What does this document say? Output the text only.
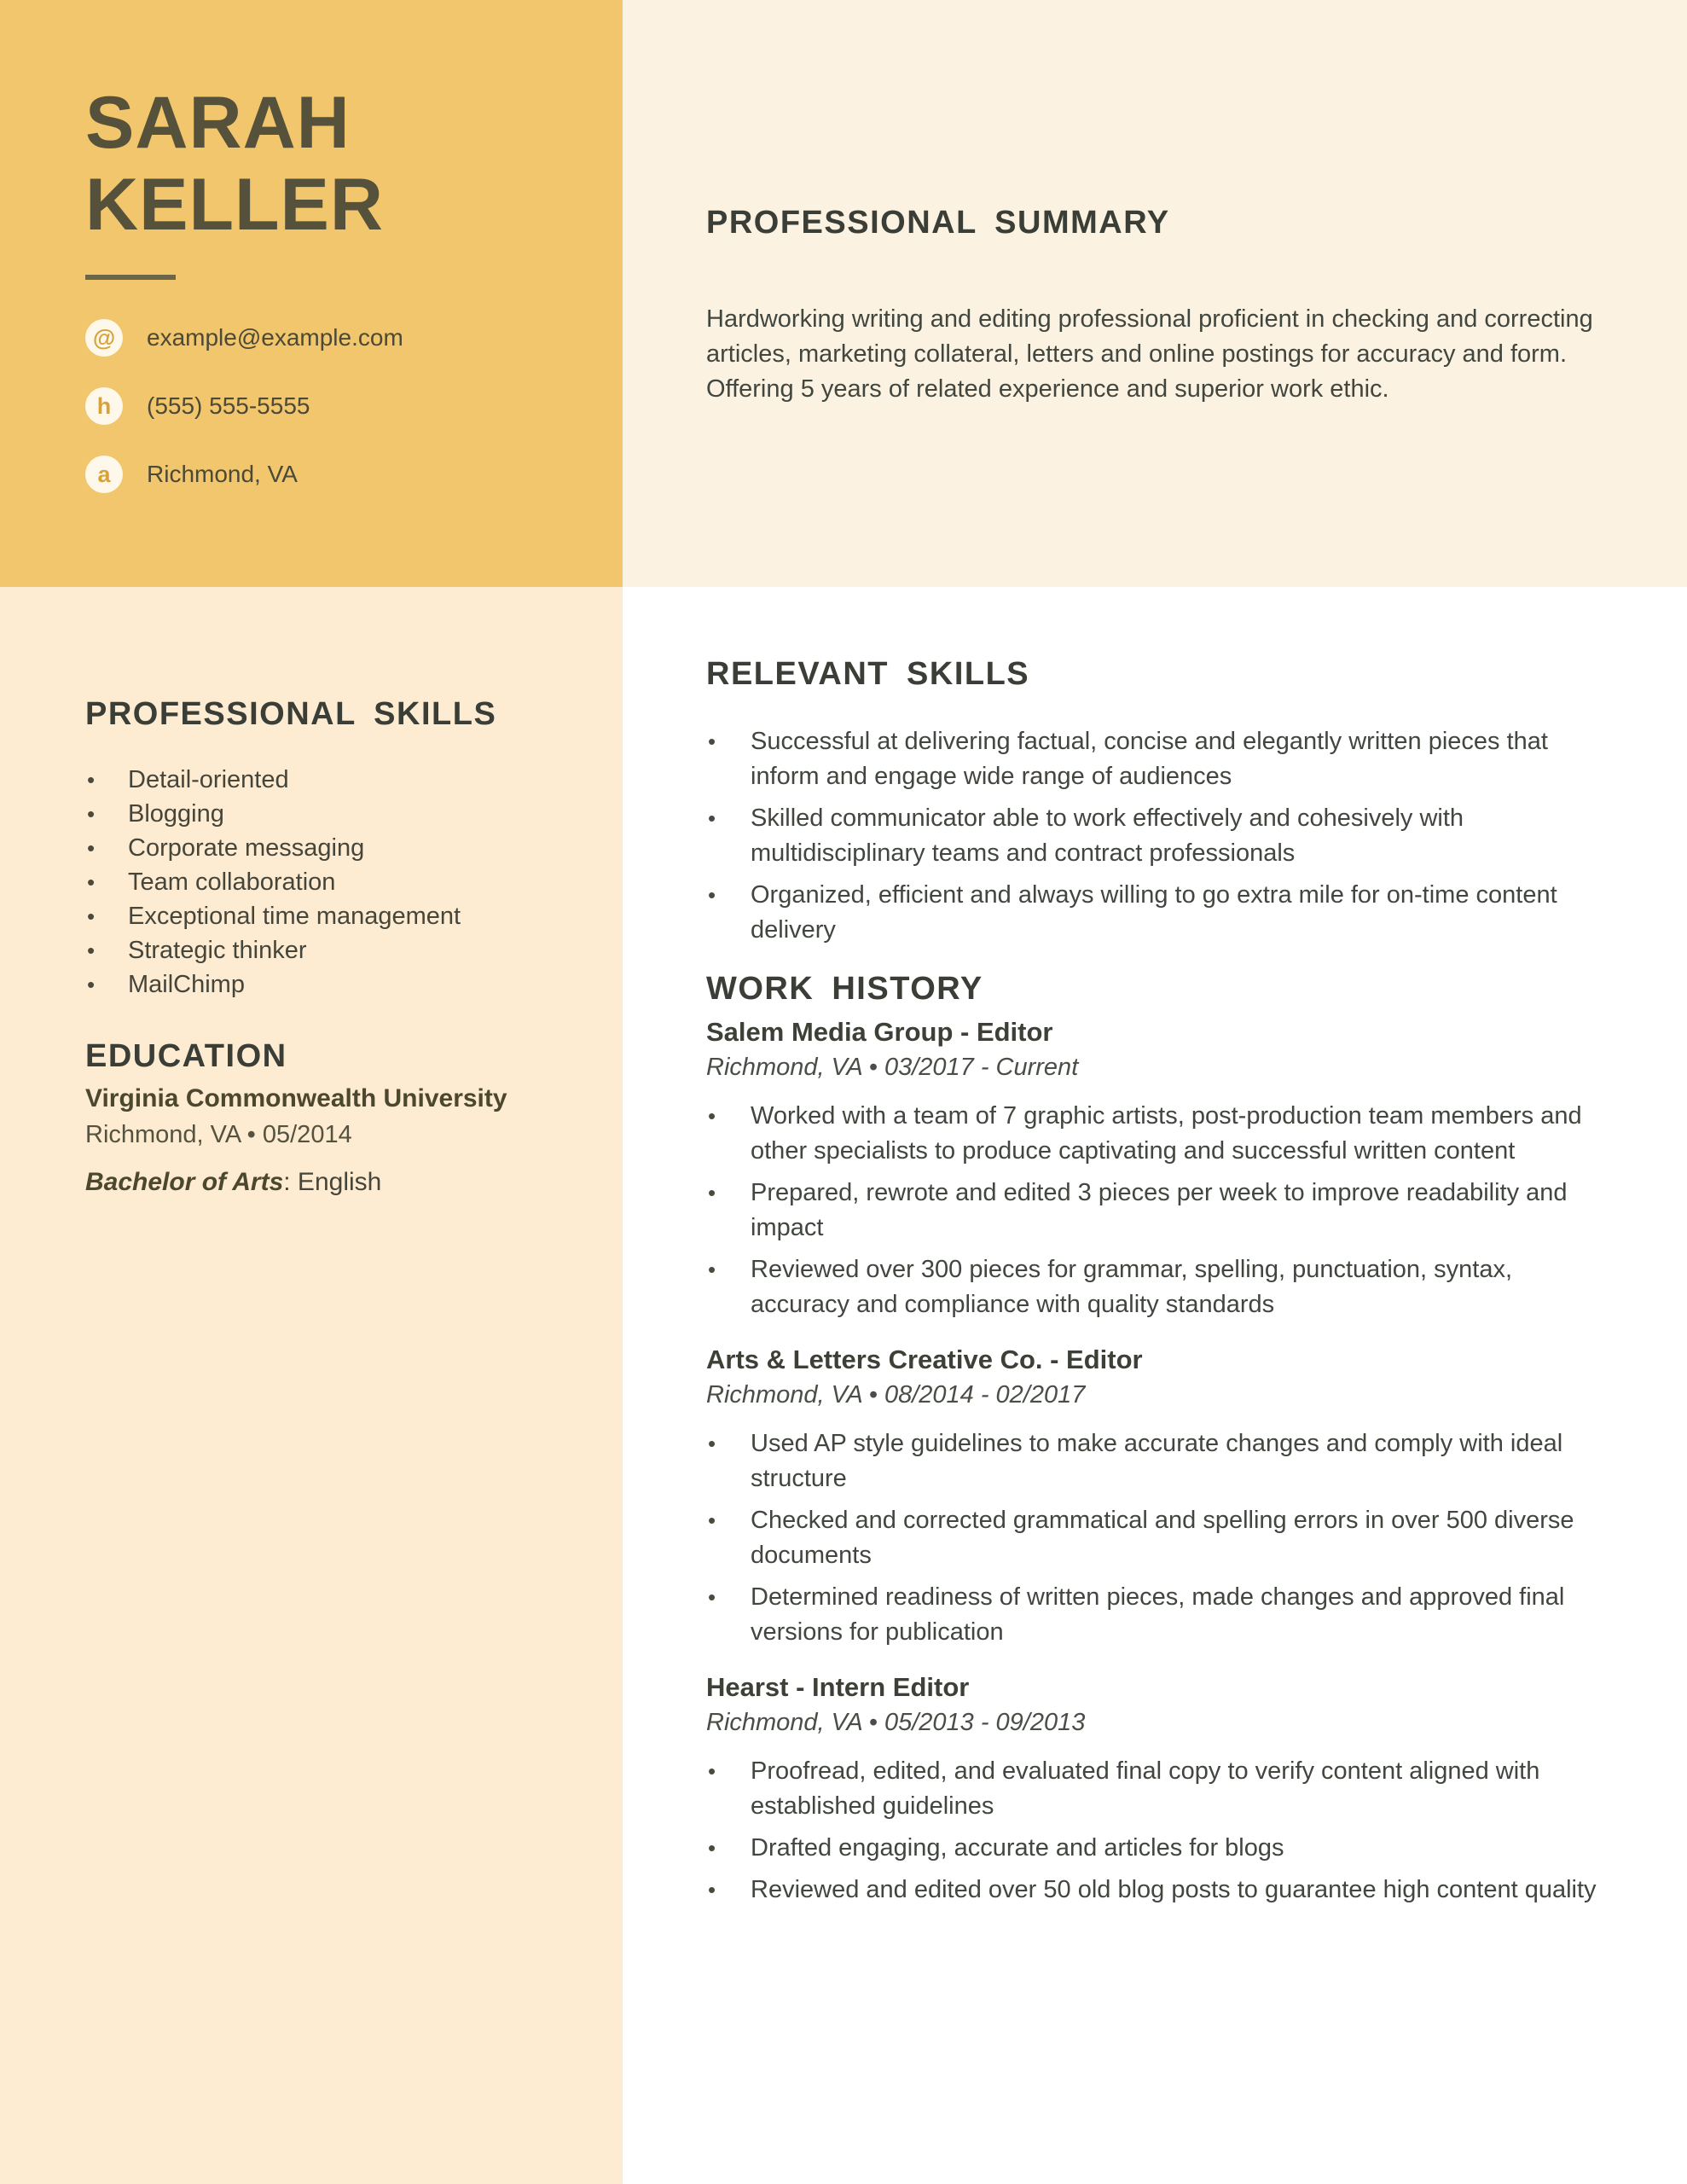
SARAH
KELLER
@ example@example.com
h (555) 555-5555
a Richmond, VA
PROFESSIONAL SKILLS
• Detail-oriented
• Blogging
• Corporate messaging
• Team collaboration
• Exceptional time management
• Strategic thinker
• MailChimp
EDUCATION
Virginia Commonwealth University
Richmond, VA • 05/2014
Bachelor of Arts: English
PROFESSIONAL SUMMARY
Hardworking writing and editing professional proficient in checking and correcting articles, marketing collateral, letters and online postings for accuracy and form. Offering 5 years of related experience and superior work ethic.
RELEVANT SKILLS
• Successful at delivering factual, concise and elegantly written pieces that inform and engage wide range of audiences
• Skilled communicator able to work effectively and cohesively with multidisciplinary teams and contract professionals
• Organized, efficient and always willing to go extra mile for on-time content delivery
WORK HISTORY
Salem Media Group - Editor
Richmond, VA • 03/2017 - Current
• Worked with a team of 7 graphic artists, post-production team members and other specialists to produce captivating and successful written content
• Prepared, rewrote and edited 3 pieces per week to improve readability and impact
• Reviewed over 300 pieces for grammar, spelling, punctuation, syntax, accuracy and compliance with quality standards
Arts & Letters Creative Co. - Editor
Richmond, VA • 08/2014 - 02/2017
• Used AP style guidelines to make accurate changes and comply with ideal structure
• Checked and corrected grammatical and spelling errors in over 500 diverse documents
• Determined readiness of written pieces, made changes and approved final versions for publication
Hearst - Intern Editor
Richmond, VA • 05/2013 - 09/2013
• Proofread, edited, and evaluated final copy to verify content aligned with established guidelines
• Drafted engaging, accurate and articles for blogs
• Reviewed and edited over 50 old blog posts to guarantee high content quality
